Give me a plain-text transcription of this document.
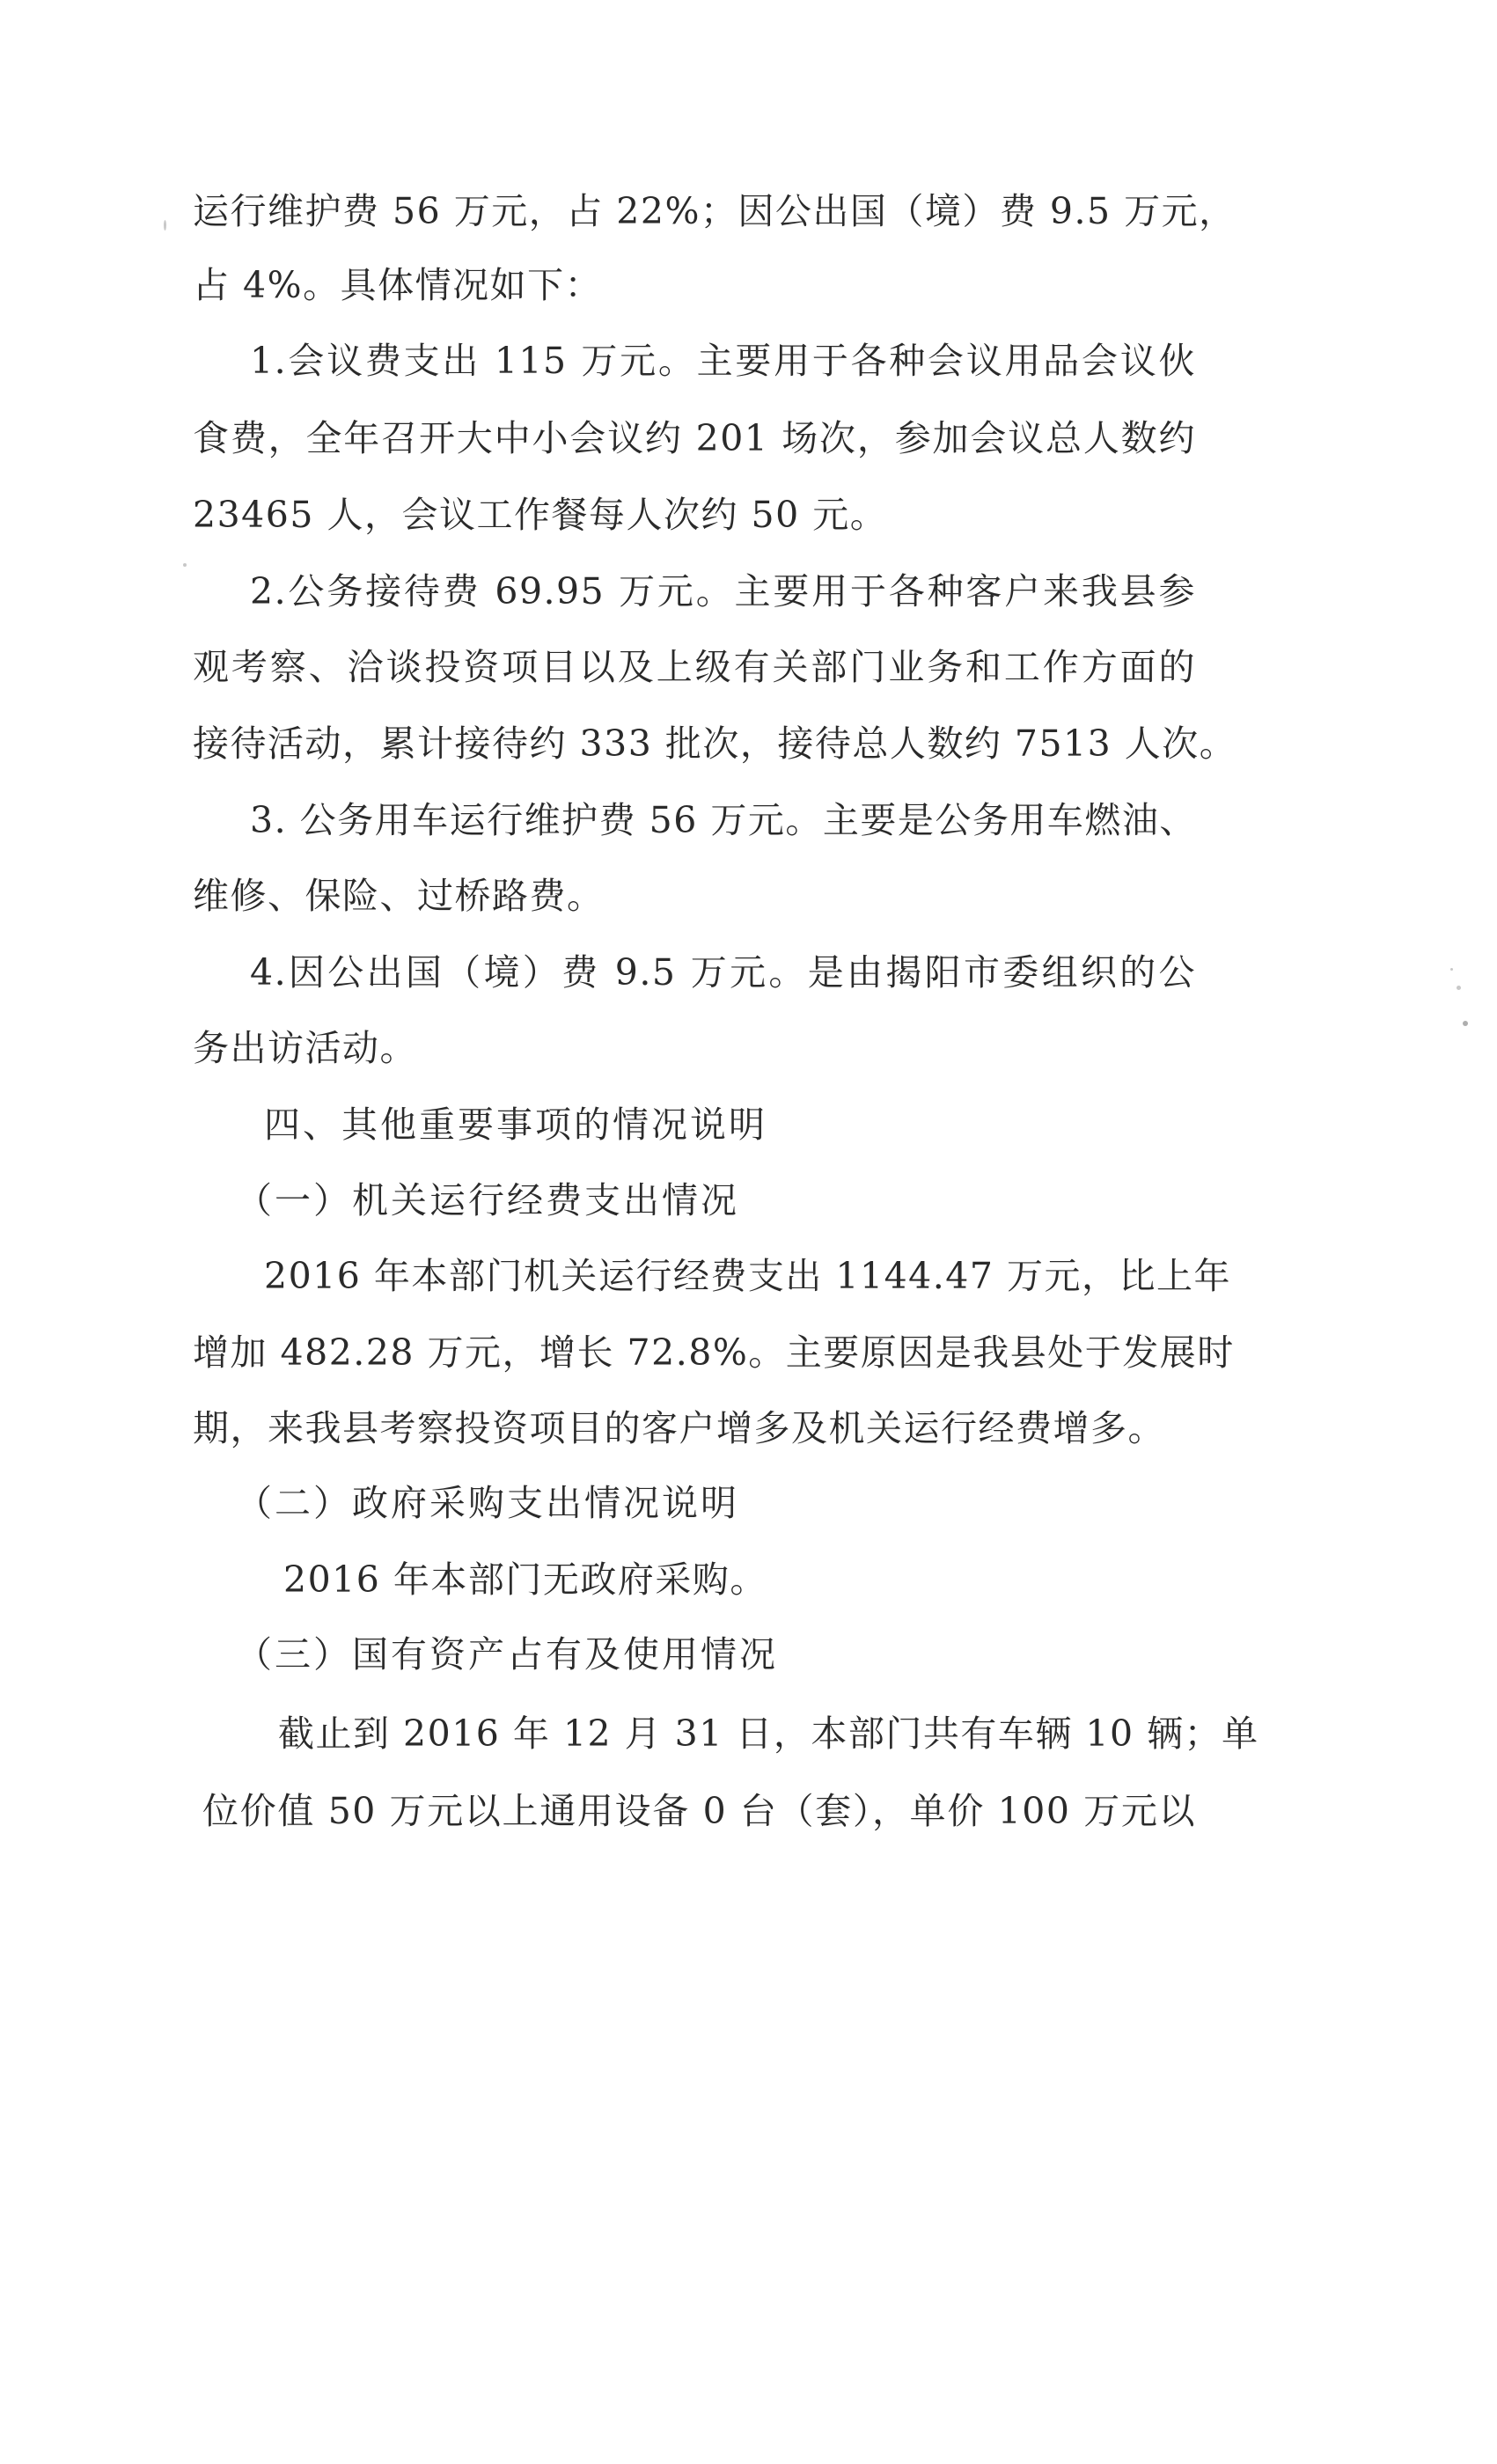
运行维护费 56 万元，占 22%；因公出国（境）费 9.5 万元，
占 4%。具体情况如下：
1.会议费支出 115 万元。主要用于各种会议用品会议伙
食费，全年召开大中小会议约 201 场次，参加会议总人数约
23465 人，会议工作餐每人次约 50 元。
2.公务接待费 69.95 万元。主要用于各种客户来我县参
观考察、洽谈投资项目以及上级有关部门业务和工作方面的
接待活动，累计接待约 333 批次，接待总人数约 7513 人次。
3. 公务用车运行维护费 56 万元。主要是公务用车燃油、
维修、保险、过桥路费。
4.因公出国（境）费 9.5 万元。是由揭阳市委组织的公
务出访活动。
四、其他重要事项的情况说明
（一）机关运行经费支出情况
2016 年本部门机关运行经费支出 1144.47 万元，比上年
增加 482.28 万元，增长 72.8%。主要原因是我县处于发展时
期，来我县考察投资项目的客户增多及机关运行经费增多。
（二）政府采购支出情况说明
2016 年本部门无政府采购。
（三）国有资产占有及使用情况
截止到 2016 年 12 月 31 日，本部门共有车辆 10 辆；单
位价值 50 万元以上通用设备 0 台（套），单价 100 万元以
